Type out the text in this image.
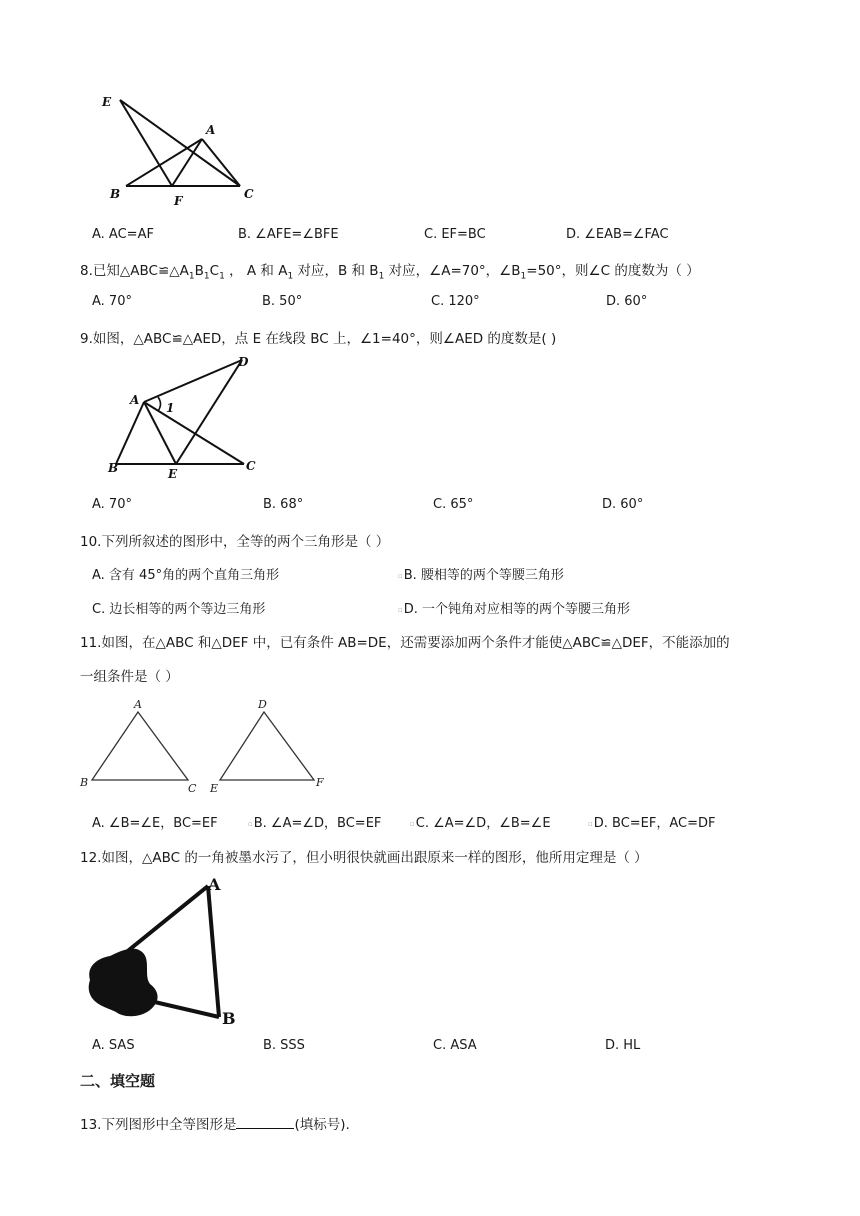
E
A
B	F	C
A. AC=AF	B. ∠AFE=∠BFE	C. EF=BC	D. ∠EAB=∠FAC
8.已知$\triangle ABC≌\triangle A_1B_1C_1$ ， A 和 $A_1$ 对应，B 和 $B_1$ 对应，∠A=70°，$\angle B_1=50^\circ$，则∠C 的度数为（ ）
A. 70°	B. 50°	C. 120°	D. 60°
9.如图，△ABC≌△AED，点 E 在线段 BC 上，∠1=40°，则∠AED 的度数是( )
A
D
1
B	E
C
A. 70°	B. 68°	C. 65°	D. 60°
10.下列所叙述的图形中，全等的两个三角形是（ ）
A. 含有 45°角的两个直角三角形	▫B. 腰相等的两个等腰三角形
C. 边长相等的两个等边三角形	▫D. 一个钝角对应相等的两个等腰三角形
11.如图，在△ABC 和△DEF 中，已有条件 AB=DE，还需要添加两个条件才能使△ABC≌△DEF，不能添加的
一组条件是（ ）
A
B	C
D
E	F
A. ∠B=∠E，BC=EF	▫B. ∠A=∠D，BC=EF	▫C. ∠A=∠D，∠B=∠E	▫D. BC=EF，AC=DF
12.如图，△ABC 的一角被墨水污了，但小明很快就画出跟原来一样的图形，他所用定理是（ ）
A
B
A. SAS	B. SSS	C. ASA	D. HL
二、填空题
13.下列图形中全等图形是	(填标号).
